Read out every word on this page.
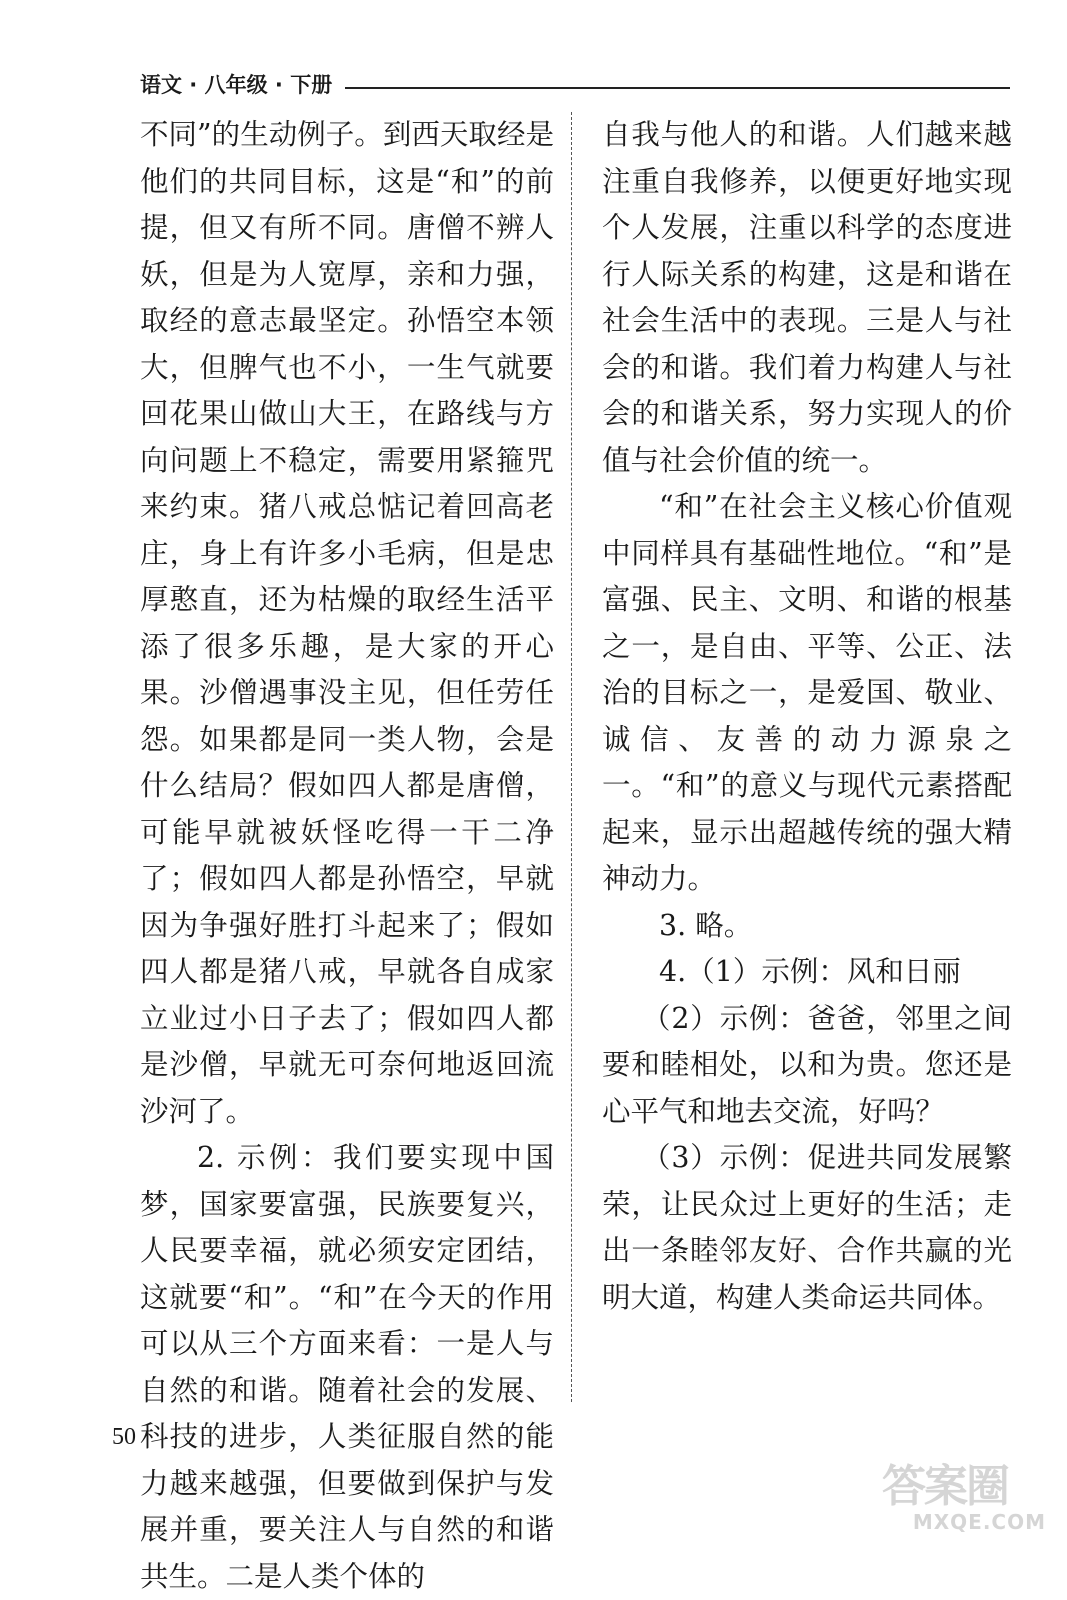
语文 · 八年级 · 下册

不同”的生动例子。到西天取经是他们的共同目标，这是“和”的前提，但又有所不同。唐僧不辨人妖，但是为人宽厚，亲和力强，取经的意志最坚定。孙悟空本领大，但脾气也不小，一生气就要回花果山做山大王，在路线与方向问题上不稳定，需要用紧箍咒来约束。猪八戒总惦记着回高老庄，身上有许多小毛病，但是忠厚憨直，还为枯燥的取经生活平添了很多乐趣，是大家的开心果。沙僧遇事没主见，但任劳任怨。如果都是同一类人物，会是什么结局？假如四人都是唐僧，可能早就被妖怪吃得一干二净了；假如四人都是孙悟空，早就因为争强好胜打斗起来了；假如四人都是猪八戒，早就各自成家立业过小日子去了；假如四人都是沙僧，早就无可奈何地返回流沙河了。

2. 示例：我们要实现中国梦，国家要富强，民族要复兴，人民要幸福，就必须安定团结，这就要“和”。“和”在今天的作用可以从三个方面来看：一是人与自然的和谐。随着社会的发展、科技的进步，人类征服自然的能力越来越强，但要做到保护与发展并重，要关注人与自然的和谐共生。二是人类个体的

自我与他人的和谐。人们越来越注重自我修养，以便更好地实现个人发展，注重以科学的态度进行人际关系的构建，这是和谐在社会生活中的表现。三是人与社会的和谐。我们着力构建人与社会的和谐关系，努力实现人的价值与社会价值的统一。

“和”在社会主义核心价值观中同样具有基础性地位。“和”是富强、民主、文明、和谐的根基之一，是自由、平等、公正、法治的目标之一，是爱国、敬业、诚信、友善的动力源泉之一。“和”的意义与现代元素搭配起来，显示出超越传统的强大精神动力。

3. 略。

4.（1）示例：风和日丽

（2）示例：爸爸，邻里之间要和睦相处，以和为贵。您还是心平气和地去交流，好吗？

（3）示例：促进共同发展繁荣，让民众过上更好的生活；走出一条睦邻友好、合作共赢的光明大道，构建人类命运共同体。

50
答案圈
MXQE.COM
